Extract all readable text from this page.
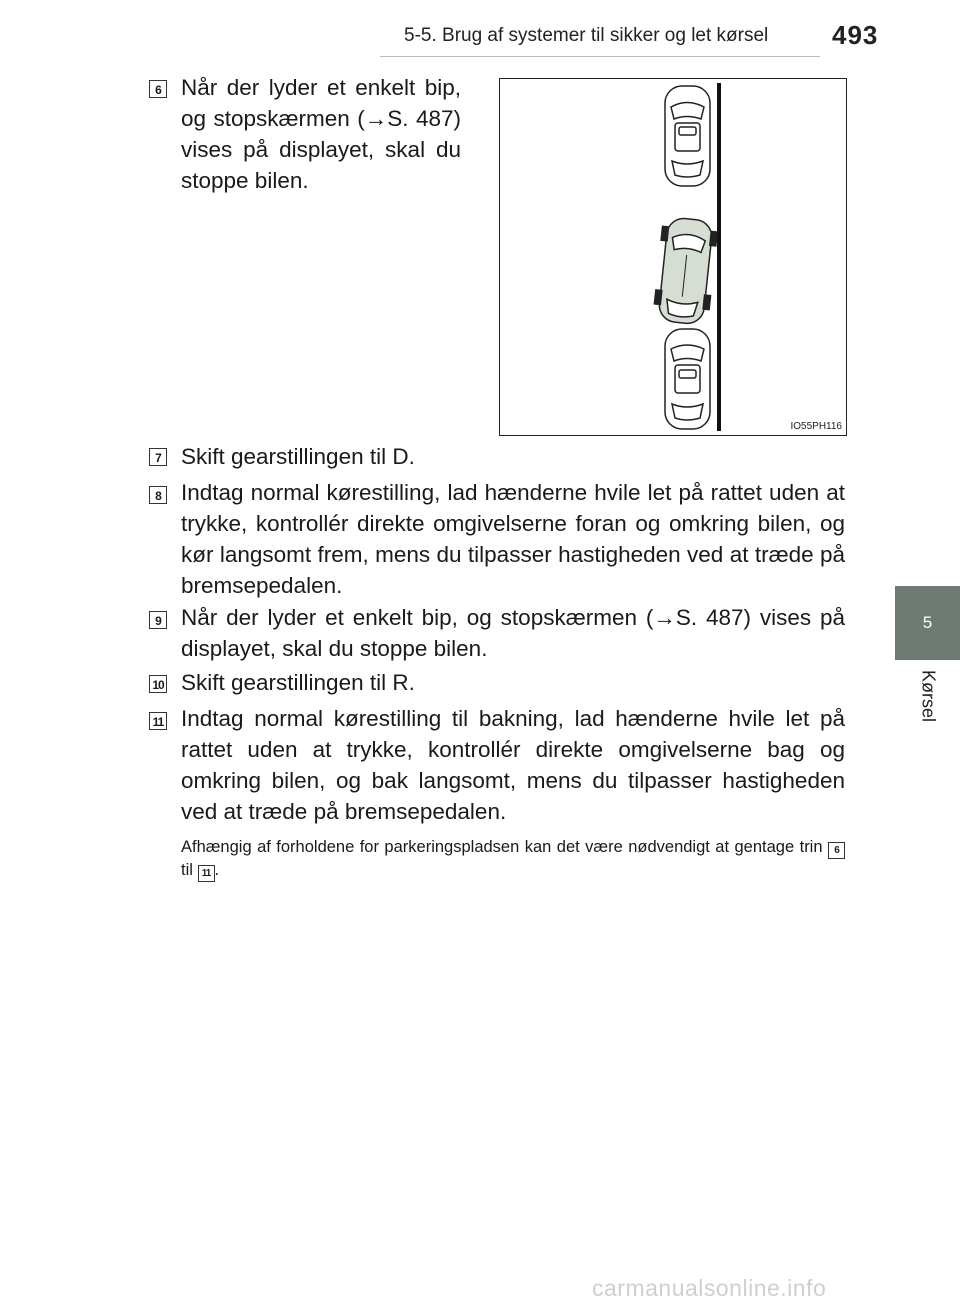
5-5. Brug af systemer til sikker og let kørsel 493
5
Kørsel
6 Når der lyder et enkelt bip, og stopskærmen (→S. 487) vises på displayet, skal du stoppe bilen.
IO55PH116
7 Skift gearstillingen til D.
8 Indtag normal kørestilling, lad hænderne hvile let på rattet uden at trykke, kontrollér direkte omgivelserne foran og omkring bilen, og kør langsomt frem, mens du tilpasser hastigheden ved at træde på bremsepedalen.
9 Når der lyder et enkelt bip, og stopskærmen (→S. 487) vises på displayet, skal du stoppe bilen.
10 Skift gearstillingen til R.
11 Indtag normal kørestilling til bakning, lad hænderne hvile let på rattet uden at trykke, kontrollér direkte omgivelserne bag og omkring bilen, og bak langsomt, mens du tilpasser hastigheden ved at træde på bremsepedalen.
Afhængig af forholdene for parkeringspladsen kan det være nødvendigt at gentage trin 6 til 11 .
carmanualsonline.info
